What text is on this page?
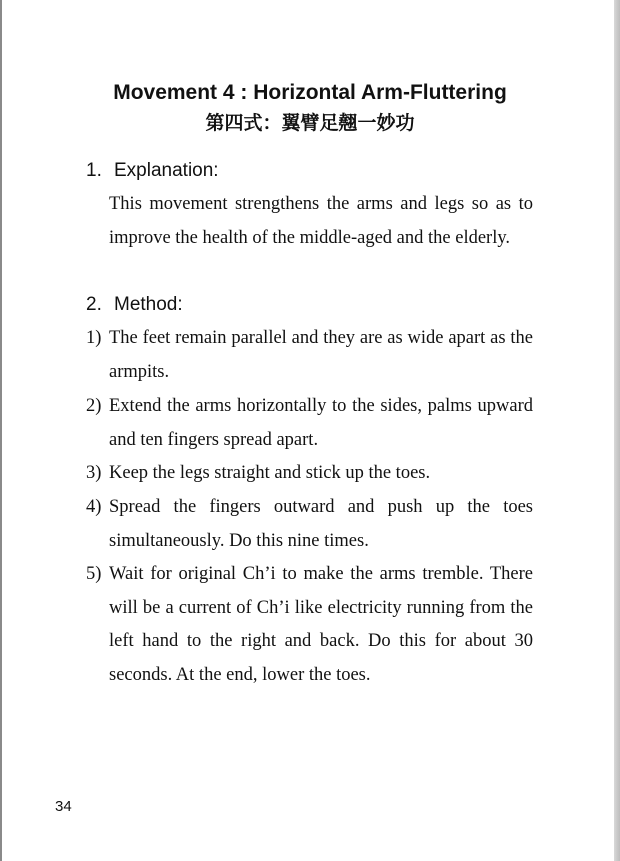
Movement 4 : Horizontal Arm-Fluttering
第四式：翼臂足翹一妙功
1. Explanation:
This movement strengthens the arms and legs so as to improve the health of the middle-aged and the elderly.
2. Method:
1) The feet remain parallel and they are as wide apart as the armpits.
2) Extend the arms horizontally to the sides, palms upward and ten fingers spread apart.
3) Keep the legs straight and stick up the toes.
4) Spread the fingers outward and push up the toes simultaneously. Do this nine times.
5) Wait for original Ch’i to make the arms tremble. There will be a current of Ch’i like electricity running from the left hand to the right and back. Do this for about 30 seconds. At the end, lower the toes.
34
